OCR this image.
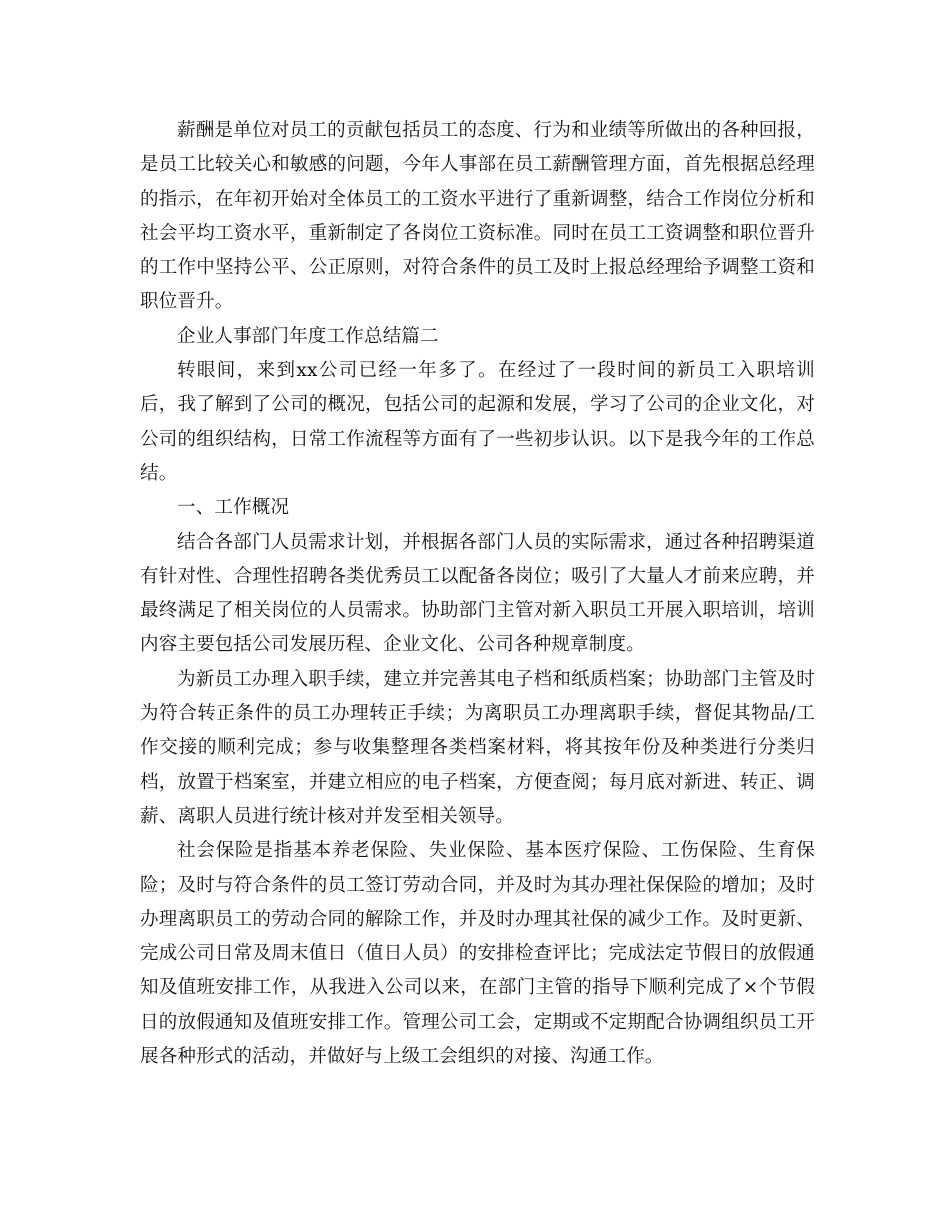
薪酬是单位对员工的贡献包括员工的态度、行为和业绩等所做出的各种回报，是员工比较关心和敏感的问题，今年人事部在员工薪酬管理方面，首先根据总经理的指示，在年初开始对全体员工的工资水平进行了重新调整，结合工作岗位分析和社会平均工资水平，重新制定了各岗位工资标准。同时在员工工资调整和职位晋升的工作中坚持公平、公正原则，对符合条件的员工及时上报总经理给予调整工资和职位晋升。

企业人事部门年度工作总结篇二

转眼间，来到xx公司已经一年多了。在经过了一段时间的新员工入职培训后，我了解到了公司的概况，包括公司的起源和发展，学习了公司的企业文化，对公司的组织结构，日常工作流程等方面有了一些初步认识。以下是我今年的工作总结。

一、工作概况

结合各部门人员需求计划，并根据各部门人员的实际需求，通过各种招聘渠道有针对性、合理性招聘各类优秀员工以配备各岗位；吸引了大量人才前来应聘，并最终满足了相关岗位的人员需求。协助部门主管对新入职员工开展入职培训，培训内容主要包括公司发展历程、企业文化、公司各种规章制度。

为新员工办理入职手续，建立并完善其电子档和纸质档案；协助部门主管及时为符合转正条件的员工办理转正手续；为离职员工办理离职手续，督促其物品/工作交接的顺利完成；参与收集整理各类档案材料，将其按年份及种类进行分类归档，放置于档案室，并建立相应的电子档案，方便查阅；每月底对新进、转正、调薪、离职人员进行统计核对并发至相关领导。

社会保险是指基本养老保险、失业保险、基本医疗保险、工伤保险、生育保险；及时与符合条件的员工签订劳动合同，并及时为其办理社保保险的增加；及时办理离职员工的劳动合同的解除工作，并及时办理其社保的减少工作。及时更新、完成公司日常及周末值日（值日人员）的安排检查评比；完成法定节假日的放假通知及值班安排工作，从我进入公司以来，在部门主管的指导下顺利完成了×个节假日的放假通知及值班安排工作。管理公司工会，定期或不定期配合协调组织员工开展各种形式的活动，并做好与上级工会组织的对接、沟通工作。
